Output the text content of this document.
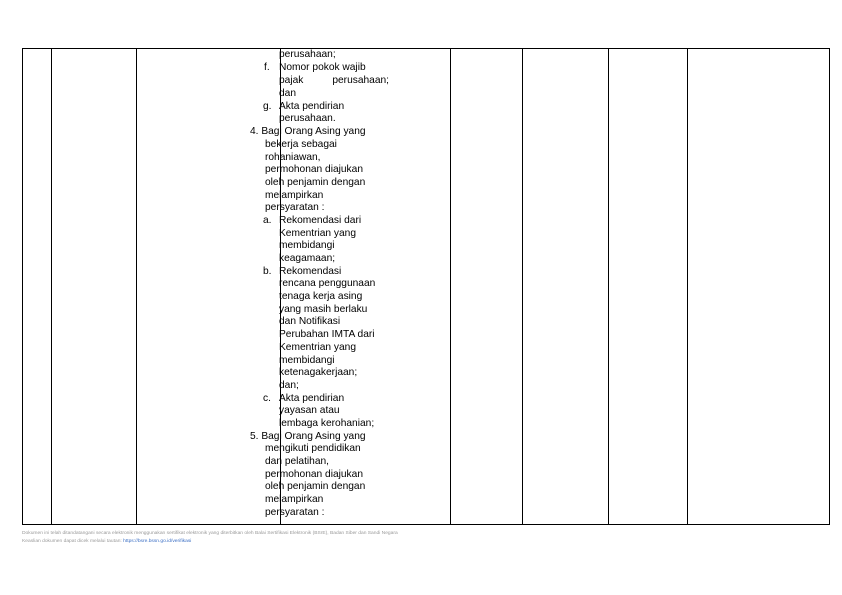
perusahaan;
f. Nomor pokok wajib
pajak	perusahaan;
dan
g. Akta pendirian
perusahaan.
4. Bagi Orang Asing yang
bekerja sebagai
rohaniawan,
permohonan diajukan
oleh penjamin dengan
melampirkan
persyaratan :
a. Rekomendasi dari
Kementrian yang
membidangi
keagamaan;
b. Rekomendasi
rencana penggunaan
tenaga kerja asing
yang masih berlaku
dan Notifikasi
Perubahan IMTA dari
Kementrian yang
membidangi
ketenagakerjaan;
dan;
c. Akta pendirian
yayasan atau
lembaga kerohanian;
5. Bagi Orang Asing yang
mengikuti pendidikan
dan pelatihan,
permohonan diajukan
oleh penjamin dengan
melampirkan
persyaratan :

Dokumen ini telah ditandatangani secara elektronik menggunakan sertifikat elektronik yang diterbitkan oleh Balai Sertifikasi Elektronik (BSrE), Badan Siber dan Sandi Negara
Keaslian dokumen dapat dicek melalui tautan: https://bsre.bssn.go.id/verifikasi
